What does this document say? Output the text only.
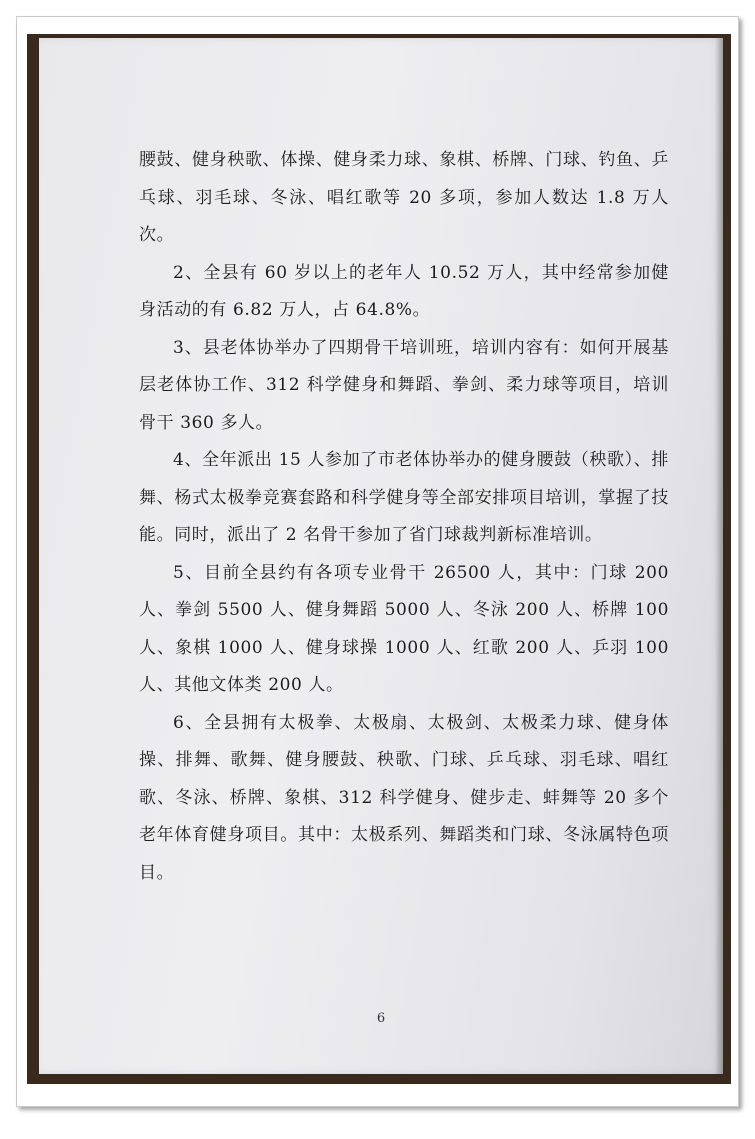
腰鼓、健身秧歌、体操、健身柔力球、象棋、桥牌、门球、钓鱼、乒乓球、羽毛球、冬泳、唱红歌等 20 多项，参加人数达 1.8 万人次。

2、全县有 60 岁以上的老年人 10.52 万人，其中经常参加健身活动的有 6.82 万人，占 64.8%。

3、县老体协举办了四期骨干培训班，培训内容有：如何开展基层老体协工作、312 科学健身和舞蹈、拳剑、柔力球等项目，培训骨干 360 多人。

4、全年派出 15 人参加了市老体协举办的健身腰鼓（秧歌）、排舞、杨式太极拳竞赛套路和科学健身等全部安排项目培训，掌握了技能。同时，派出了 2 名骨干参加了省门球裁判新标准培训。

5、目前全县约有各项专业骨干 26500 人，其中：门球 200 人、拳剑 5500 人、健身舞蹈 5000 人、冬泳 200 人、桥牌 100 人、象棋 1000 人、健身球操 1000 人、红歌 200 人、乒羽 100 人、其他文体类 200 人。

6、全县拥有太极拳、太极扇、太极剑、太极柔力球、健身体操、排舞、歌舞、健身腰鼓、秧歌、门球、乒乓球、羽毛球、唱红歌、冬泳、桥牌、象棋、312 科学健身、健步走、蚌舞等 20 多个老年体育健身项目。其中：太极系列、舞蹈类和门球、冬泳属特色项目。

6
